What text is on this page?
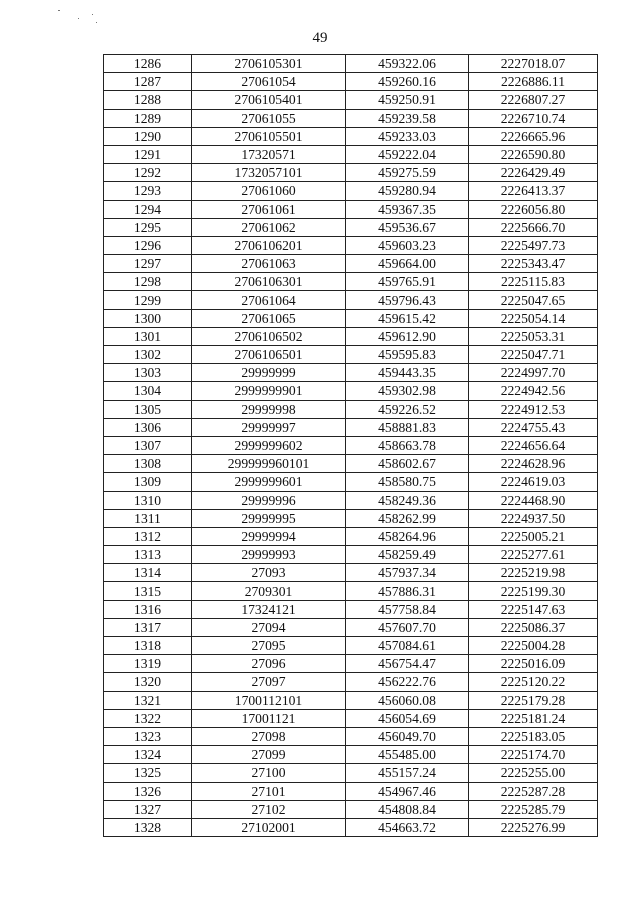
49
1286	2706105301	459322.06	2227018.07
1287	27061054	459260.16	2226886.11
1288	2706105401	459250.91	2226807.27
1289	27061055	459239.58	2226710.74
1290	2706105501	459233.03	2226665.96
1291	17320571	459222.04	2226590.80
1292	1732057101	459275.59	2226429.49
1293	27061060	459280.94	2226413.37
1294	27061061	459367.35	2226056.80
1295	27061062	459536.67	2225666.70
1296	2706106201	459603.23	2225497.73
1297	27061063	459664.00	2225343.47
1298	2706106301	459765.91	2225115.83
1299	27061064	459796.43	2225047.65
1300	27061065	459615.42	2225054.14
1301	2706106502	459612.90	2225053.31
1302	2706106501	459595.83	2225047.71
1303	29999999	459443.35	2224997.70
1304	2999999901	459302.98	2224942.56
1305	29999998	459226.52	2224912.53
1306	29999997	458881.83	2224755.43
1307	2999999602	458663.78	2224656.64
1308	299999960101	458602.67	2224628.96
1309	2999999601	458580.75	2224619.03
1310	29999996	458249.36	2224468.90
1311	29999995	458262.99	2224937.50
1312	29999994	458264.96	2225005.21
1313	29999993	458259.49	2225277.61
1314	27093	457937.34	2225219.98
1315	2709301	457886.31	2225199.30
1316	17324121	457758.84	2225147.63
1317	27094	457607.70	2225086.37
1318	27095	457084.61	2225004.28
1319	27096	456754.47	2225016.09
1320	27097	456222.76	2225120.22
1321	1700112101	456060.08	2225179.28
1322	17001121	456054.69	2225181.24
1323	27098	456049.70	2225183.05
1324	27099	455485.00	2225174.70
1325	27100	455157.24	2225255.00
1326	27101	454967.46	2225287.28
1327	27102	454808.84	2225285.79
1328	27102001	454663.72	2225276.99
